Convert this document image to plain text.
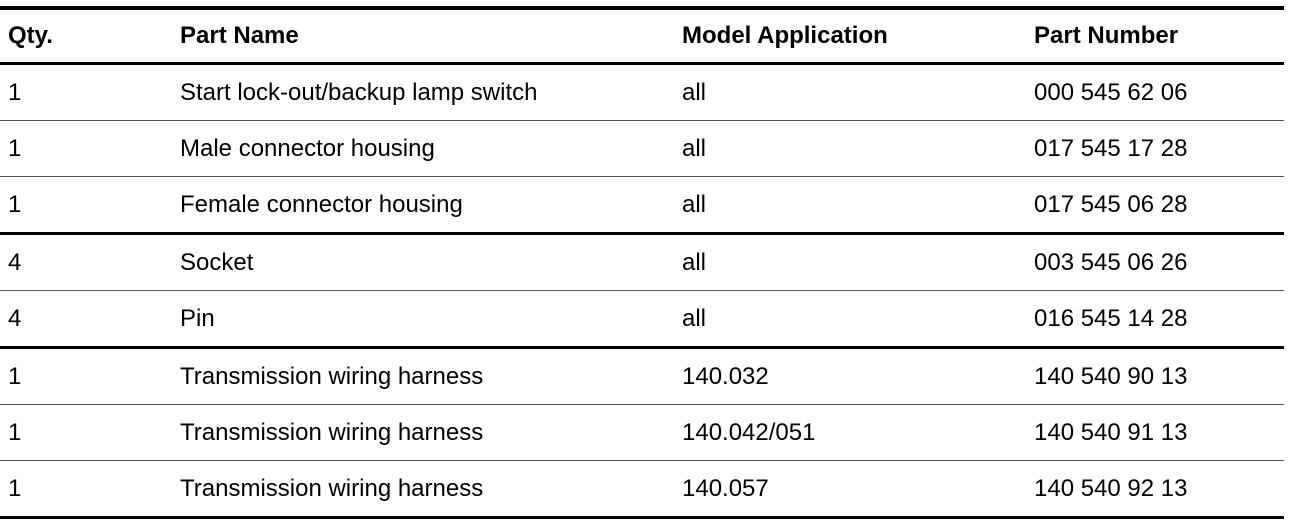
Qty.	Part Name	Model Application	Part Number
1	Start lock-out/backup lamp switch	all	000 545 62 06
1	Male connector housing	all	017 545 17 28
1	Female connector housing	all	017 545 06 28
4	Socket	all	003 545 06 26
4	Pin	all	016 545 14 28
1	Transmission wiring harness	140.032	140 540 90 13
1	Transmission wiring harness	140.042/051	140 540 91 13
1	Transmission wiring harness	140.057	140 540 92 13
